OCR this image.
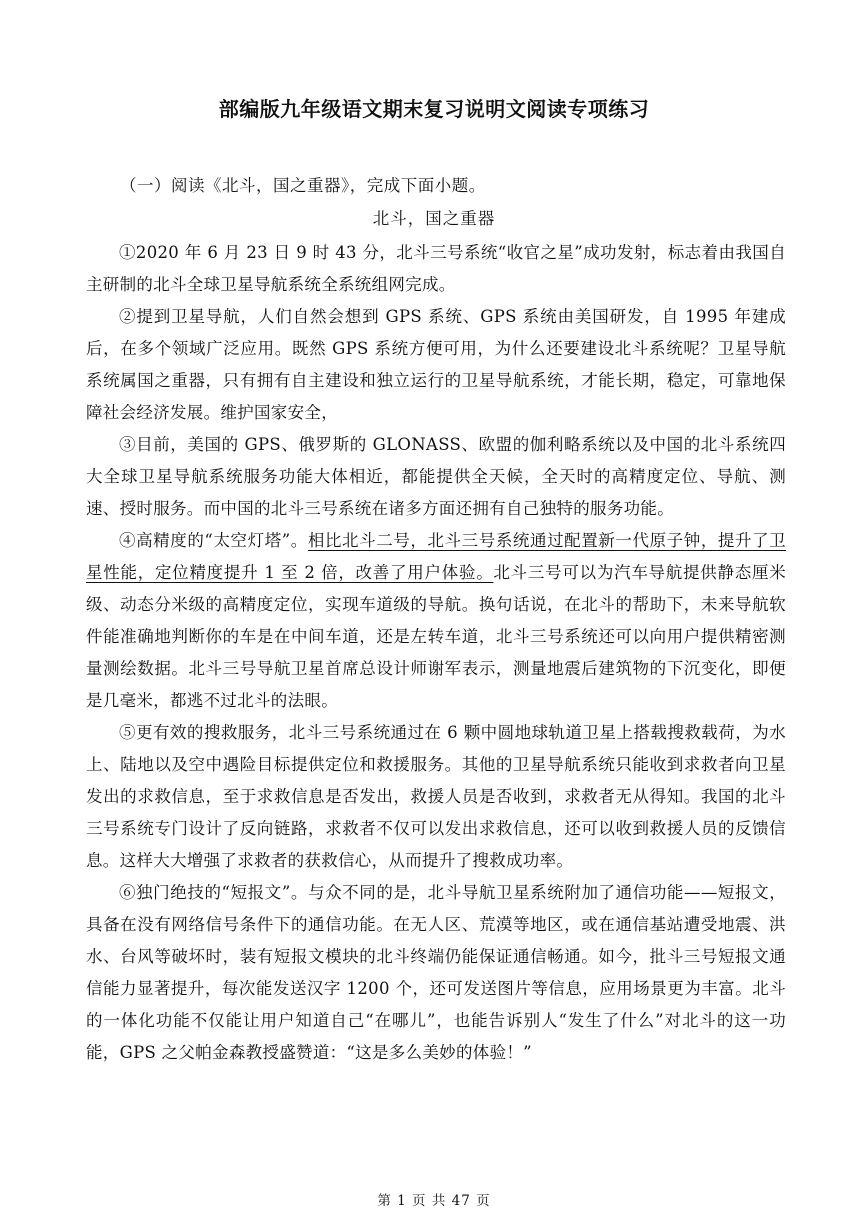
部编版九年级语文期末复习说明文阅读专项练习
（一）阅读《北斗，国之重器》，完成下面小题。
北斗，国之重器

①2020 年 6 月 23 日 9 时 43 分，北斗三号系统“收官之星”成功发射，标志着由我国自主研制的北斗全球卫星导航系统全系统组网完成。

②提到卫星导航，人们自然会想到 GPS 系统、GPS 系统由美国研发，自 1995 年建成后，在多个领域广泛应用。既然 GPS 系统方便可用，为什么还要建设北斗系统呢？卫星导航系统属国之重器，只有拥有自主建设和独立运行的卫星导航系统，才能长期，稳定，可靠地保障社会经济发展。维护国家安全，

③目前，美国的 GPS、俄罗斯的 GLONASS、欧盟的伽利略系统以及中国的北斗系统四大全球卫星导航系统服务功能大体相近，都能提供全天候，全天时的高精度定位、导航、测速、授时服务。而中国的北斗三号系统在诸多方面还拥有自己独特的服务功能。

④高精度的“太空灯塔”。相比北斗二号，北斗三号系统通过配置新一代原子钟，提升了卫星性能，定位精度提升 1 至 2 倍，改善了用户体验。北斗三号可以为汽车导航提供静态厘米级、动态分米级的高精度定位，实现车道级的导航。换句话说，在北斗的帮助下，未来导航软件能准确地判断你的车是在中间车道，还是左转车道，北斗三号系统还可以向用户提供精密测量测绘数据。北斗三号导航卫星首席总设计师谢军表示，测量地震后建筑物的下沉变化，即便是几毫米，都逃不过北斗的法眼。

⑤更有效的搜救服务，北斗三号系统通过在 6 颗中圆地球轨道卫星上搭载搜救载荷，为水上、陆地以及空中遇险目标提供定位和救援服务。其他的卫星导航系统只能收到求救者向卫星发出的求救信息，至于求救信息是否发出，救援人员是否收到，求救者无从得知。我国的北斗三号系统专门设计了反向链路，求救者不仅可以发出求救信息，还可以收到救援人员的反馈信息。这样大大增强了求救者的获救信心，从而提升了搜救成功率。

⑥独门绝技的“短报文”。与众不同的是，北斗导航卫星系统附加了通信功能——短报文，具备在没有网络信号条件下的通信功能。在无人区、荒漠等地区，或在通信基站遭受地震、洪水、台风等破坏时，装有短报文模块的北斗终端仍能保证通信畅通。如今，批斗三号短报文通信能力显著提升，每次能发送汉字 1200 个，还可发送图片等信息，应用场景更为丰富。北斗的一体化功能不仅能让用户知道自己“在哪儿”，也能告诉别人“发生了什么”对北斗的这一功能，GPS 之父帕金森教授盛赞道：“这是多么美妙的体验！”

第 1 页 共 47 页
